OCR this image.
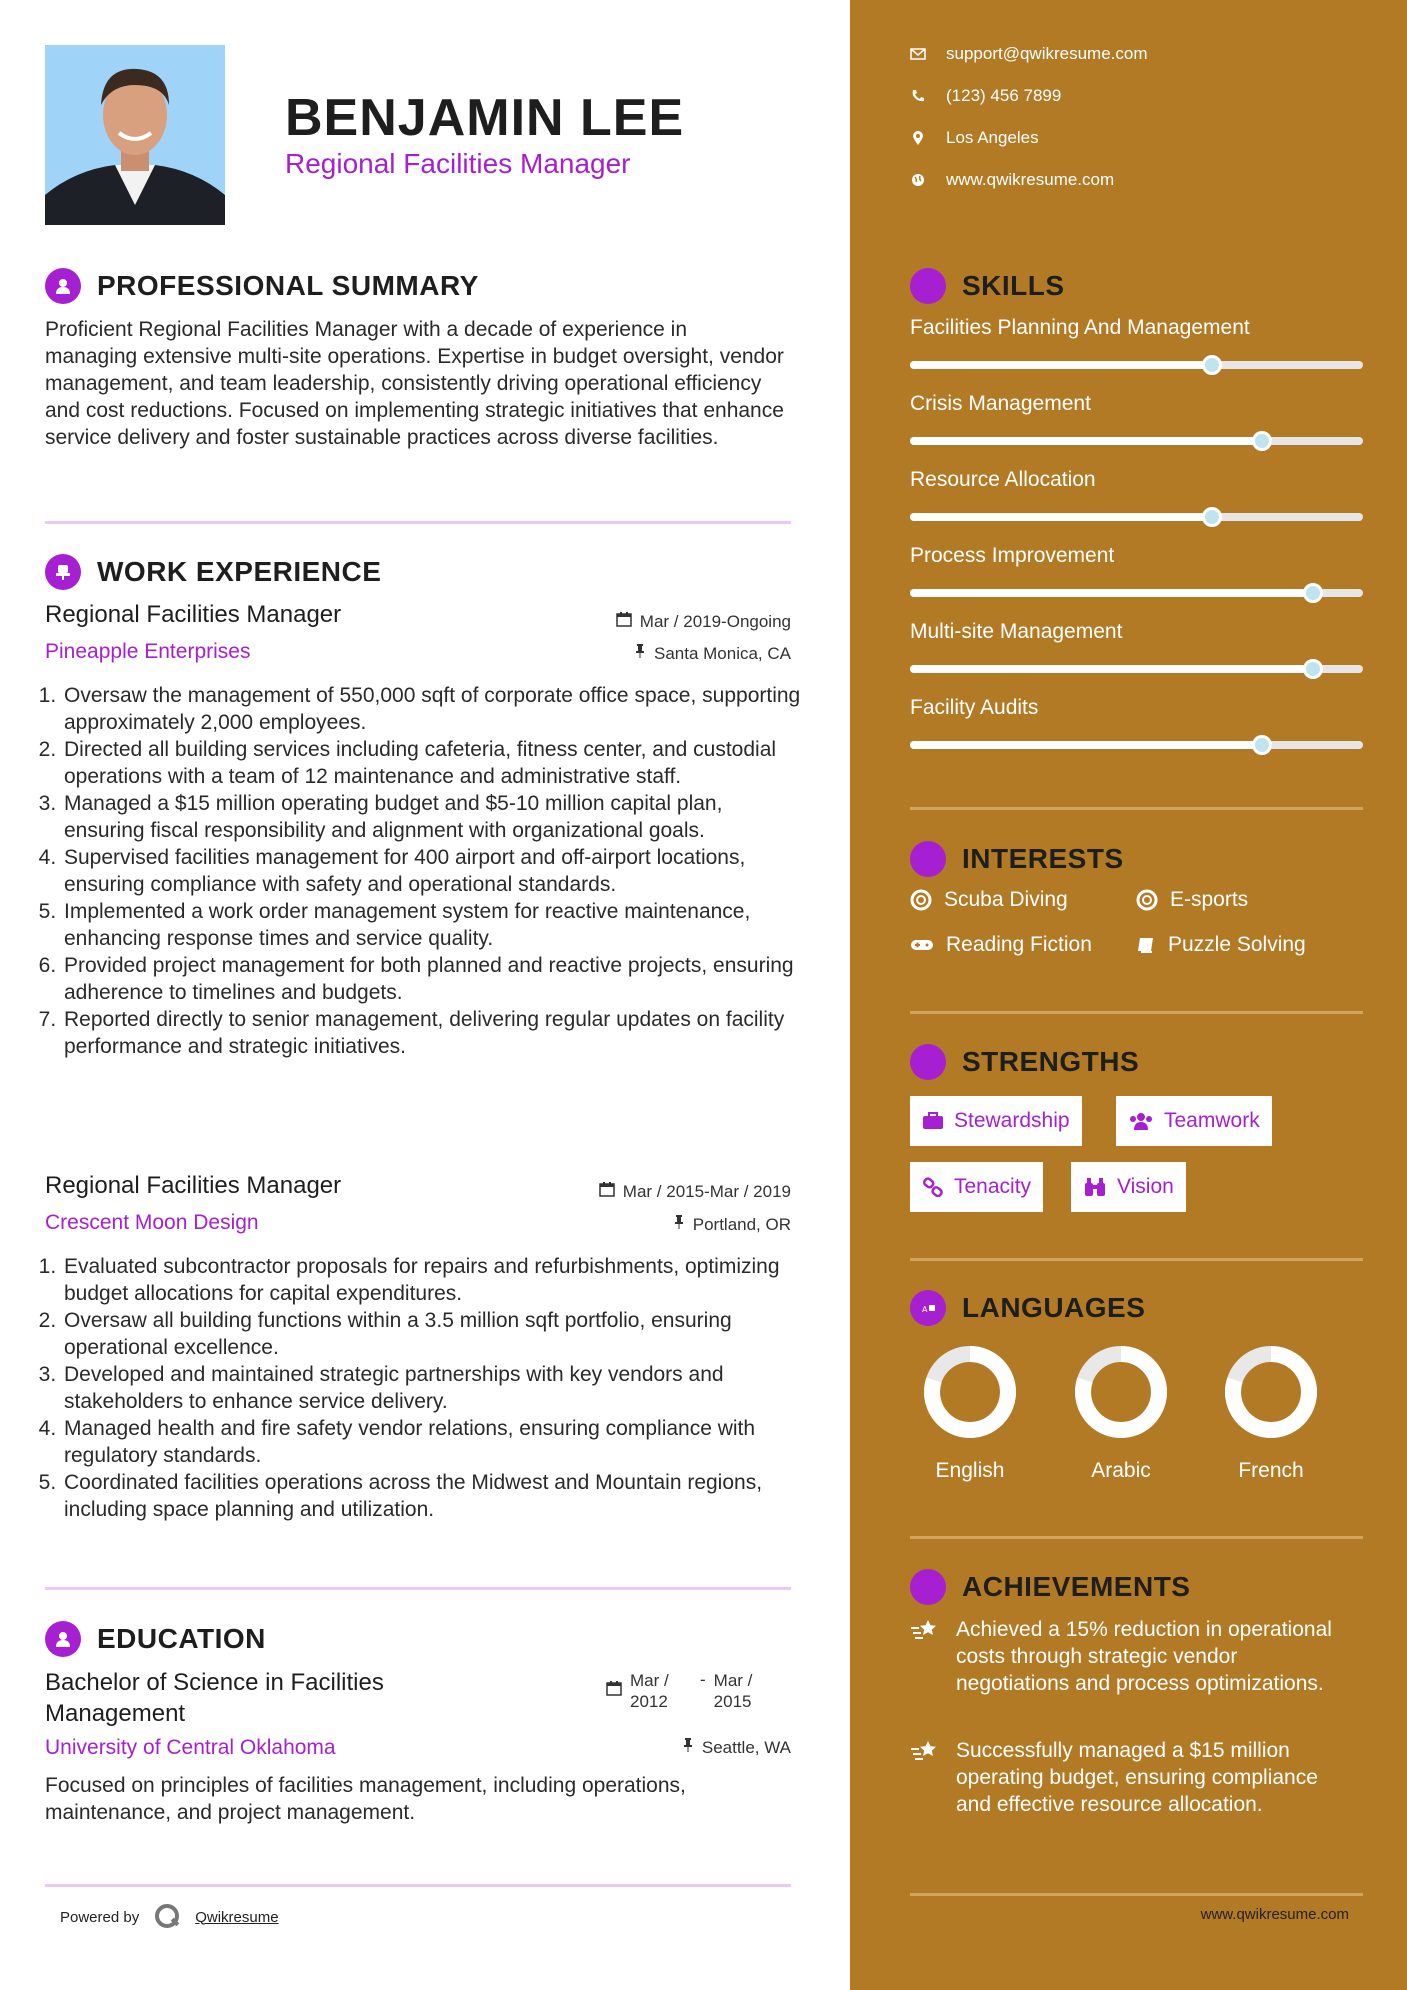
BENJAMIN LEE
Regional Facilities Manager
PROFESSIONAL SUMMARY
Proficient Regional Facilities Manager with a decade of experience in managing extensive multi-site operations. Expertise in budget oversight, vendor management, and team leadership, consistently driving operational efficiency and cost reductions. Focused on implementing strategic initiatives that enhance service delivery and foster sustainable practices across diverse facilities.
WORK EXPERIENCE
Regional Facilities Manager	Mar / 2019-Ongoing
Pineapple Enterprises	Santa Monica, CA
1. Oversaw the management of 550,000 sqft of corporate office space, supporting approximately 2,000 employees.
2. Directed all building services including cafeteria, fitness center, and custodial operations with a team of 12 maintenance and administrative staff.
3. Managed a $15 million operating budget and $5-10 million capital plan, ensuring fiscal responsibility and alignment with organizational goals.
4. Supervised facilities management for 400 airport and off-airport locations, ensuring compliance with safety and operational standards.
5. Implemented a work order management system for reactive maintenance, enhancing response times and service quality.
6. Provided project management for both planned and reactive projects, ensuring adherence to timelines and budgets.
7. Reported directly to senior management, delivering regular updates on facility performance and strategic initiatives.
Regional Facilities Manager	Mar / 2015-Mar / 2019
Crescent Moon Design	Portland, OR
1. Evaluated subcontractor proposals for repairs and refurbishments, optimizing budget allocations for capital expenditures.
2. Oversaw all building functions within a 3.5 million sqft portfolio, ensuring operational excellence.
3. Developed and maintained strategic partnerships with key vendors and stakeholders to enhance service delivery.
4. Managed health and fire safety vendor relations, ensuring compliance with regulatory standards.
5. Coordinated facilities operations across the Midwest and Mountain regions, including space planning and utilization.
EDUCATION
Bachelor of Science in Facilities Management
Mar / 2012
- Mar / 2015
University of Central Oklahoma	Seattle, WA
Focused on principles of facilities management, including operations, maintenance, and project management.
Powered by	Qwikresume
support@qwikresume.com
(123) 456 7899
Los Angeles
www.qwikresume.com
SKILLS
Facilities Planning And Management
Crisis Management
Resource Allocation
Process Improvement
Multi-site Management
Facility Audits
INTERESTS
Scuba Diving	E-sports
Reading Fiction	Puzzle Solving
STRENGTHS
Stewardship	Teamwork
Tenacity	Vision
A LANGUAGES
English	Arabic	French
ACHIEVEMENTS
Achieved a 15% reduction in operational costs through strategic vendor negotiations and process optimizations.
Successfully managed a $15 million operating budget, ensuring compliance and effective resource allocation.
www.qwikresume.com
